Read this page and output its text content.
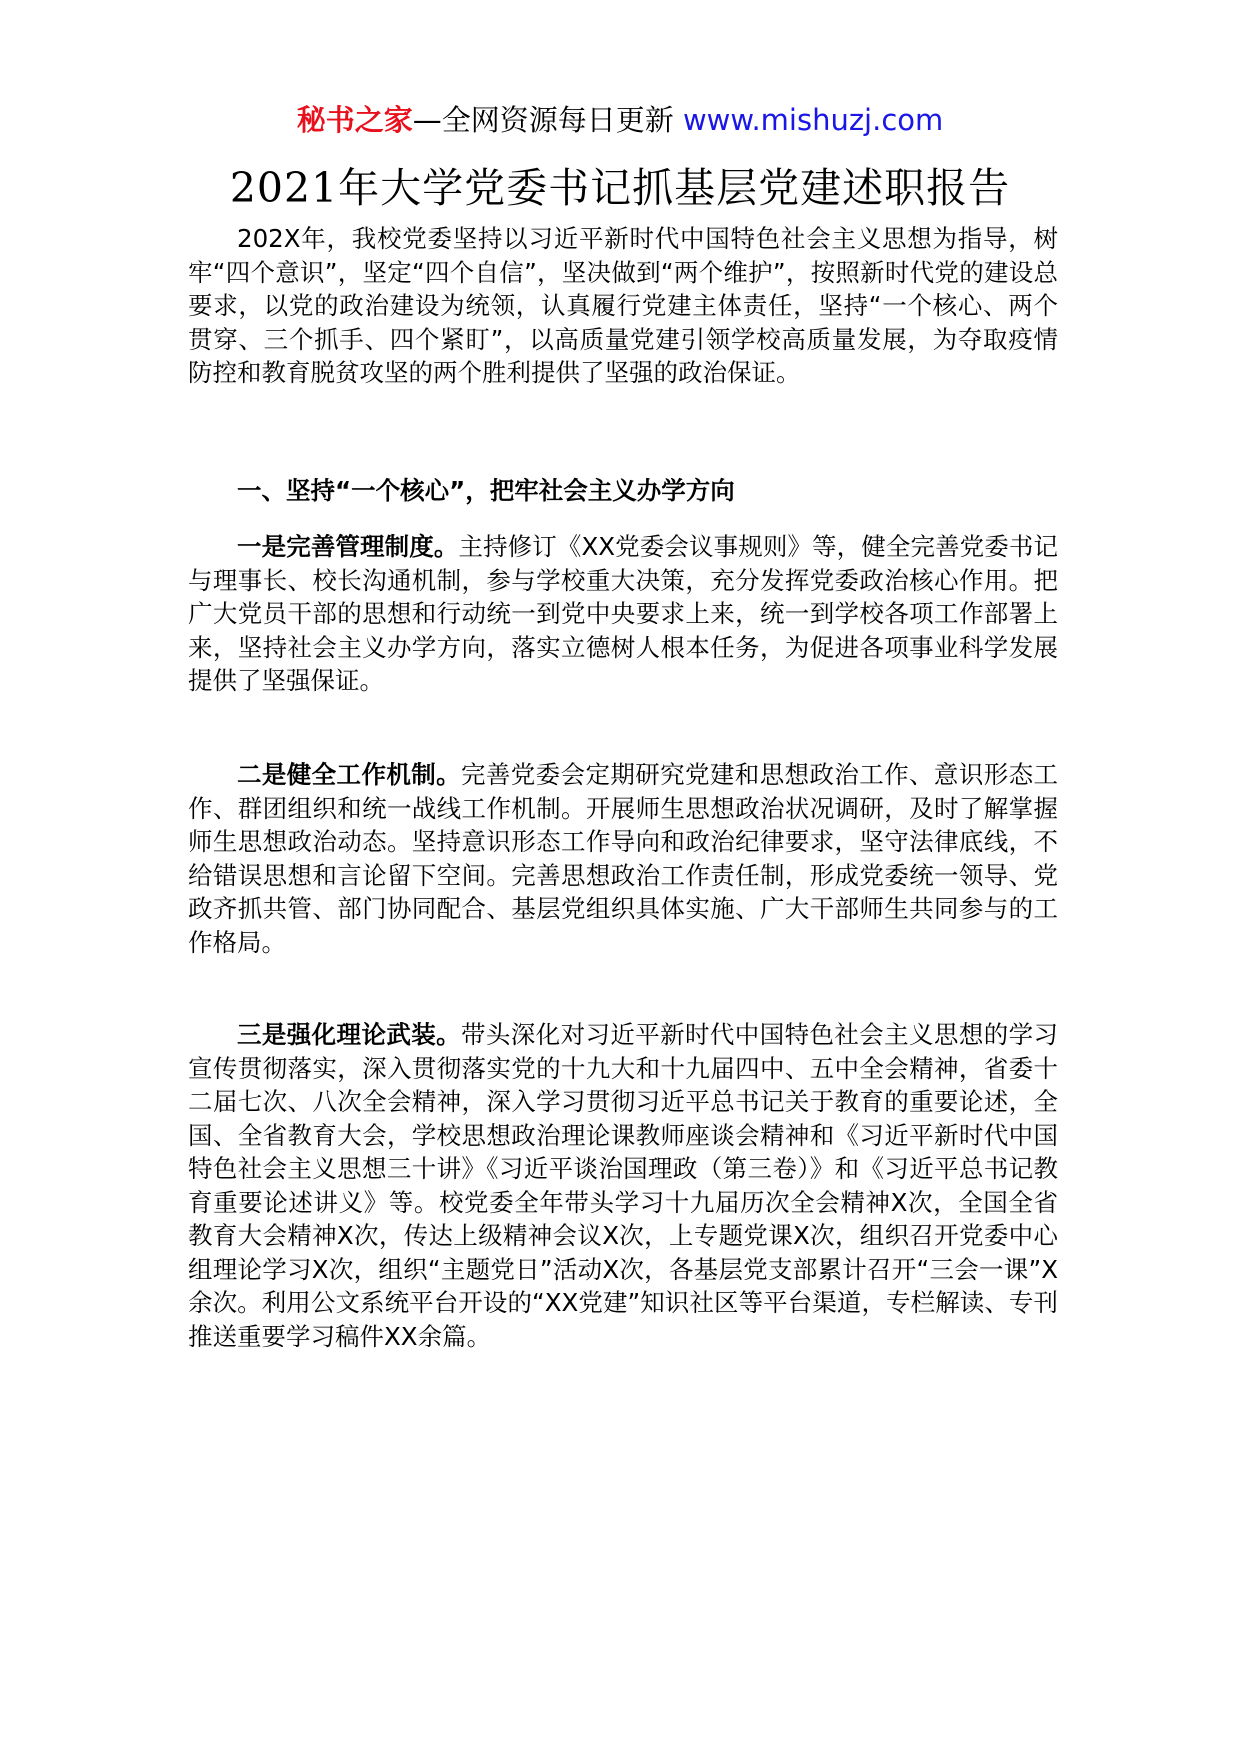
秘书之家—全网资源每日更新 www.mishuzj.com
2021年大学党委书记抓基层党建述职报告

202X年，我校党委坚持以习近平新时代中国特色社会主义思想为指导，树牢“四个意识”，坚定“四个自信”，坚决做到“两个维护”，按照新时代党的建设总要求，以党的政治建设为统领，认真履行党建主体责任，坚持“一个核心、两个贯穿、三个抓手、四个紧盯”，以高质量党建引领学校高质量发展，为夺取疫情防控和教育脱贫攻坚的两个胜利提供了坚强的政治保证。

一、坚持“一个核心”，把牢社会主义办学方向

一是完善管理制度。主持修订《XX党委会议事规则》等，健全完善党委书记与理事长、校长沟通机制，参与学校重大决策，充分发挥党委政治核心作用。把广大党员干部的思想和行动统一到党中央要求上来，统一到学校各项工作部署上来，坚持社会主义办学方向，落实立德树人根本任务，为促进各项事业科学发展提供了坚强保证。

二是健全工作机制。完善党委会定期研究党建和思想政治工作、意识形态工作、群团组织和统一战线工作机制。开展师生思想政治状况调研，及时了解掌握师生思想政治动态。坚持意识形态工作导向和政治纪律要求，坚守法律底线，不给错误思想和言论留下空间。完善思想政治工作责任制，形成党委统一领导、党政齐抓共管、部门协同配合、基层党组织具体实施、广大干部师生共同参与的工作格局。

三是强化理论武装。带头深化对习近平新时代中国特色社会主义思想的学习宣传贯彻落实，深入贯彻落实党的十九大和十九届四中、五中全会精神，省委十二届七次、八次全会精神，深入学习贯彻习近平总书记关于教育的重要论述，全国、全省教育大会，学校思想政治理论课教师座谈会精神和《习近平新时代中国特色社会主义思想三十讲》《习近平谈治国理政（第三卷）》和《习近平总书记教育重要论述讲义》等。校党委全年带头学习十九届历次全会精神X次，全国全省教育大会精神X次，传达上级精神会议X次，上专题党课X次，组织召开党委中心组理论学习X次，组织“主题党日”活动X次，各基层党支部累计召开“三会一课”X余次。利用公文系统平台开设的“XX党建”知识社区等平台渠道，专栏解读、专刊推送重要学习稿件XX余篇。
